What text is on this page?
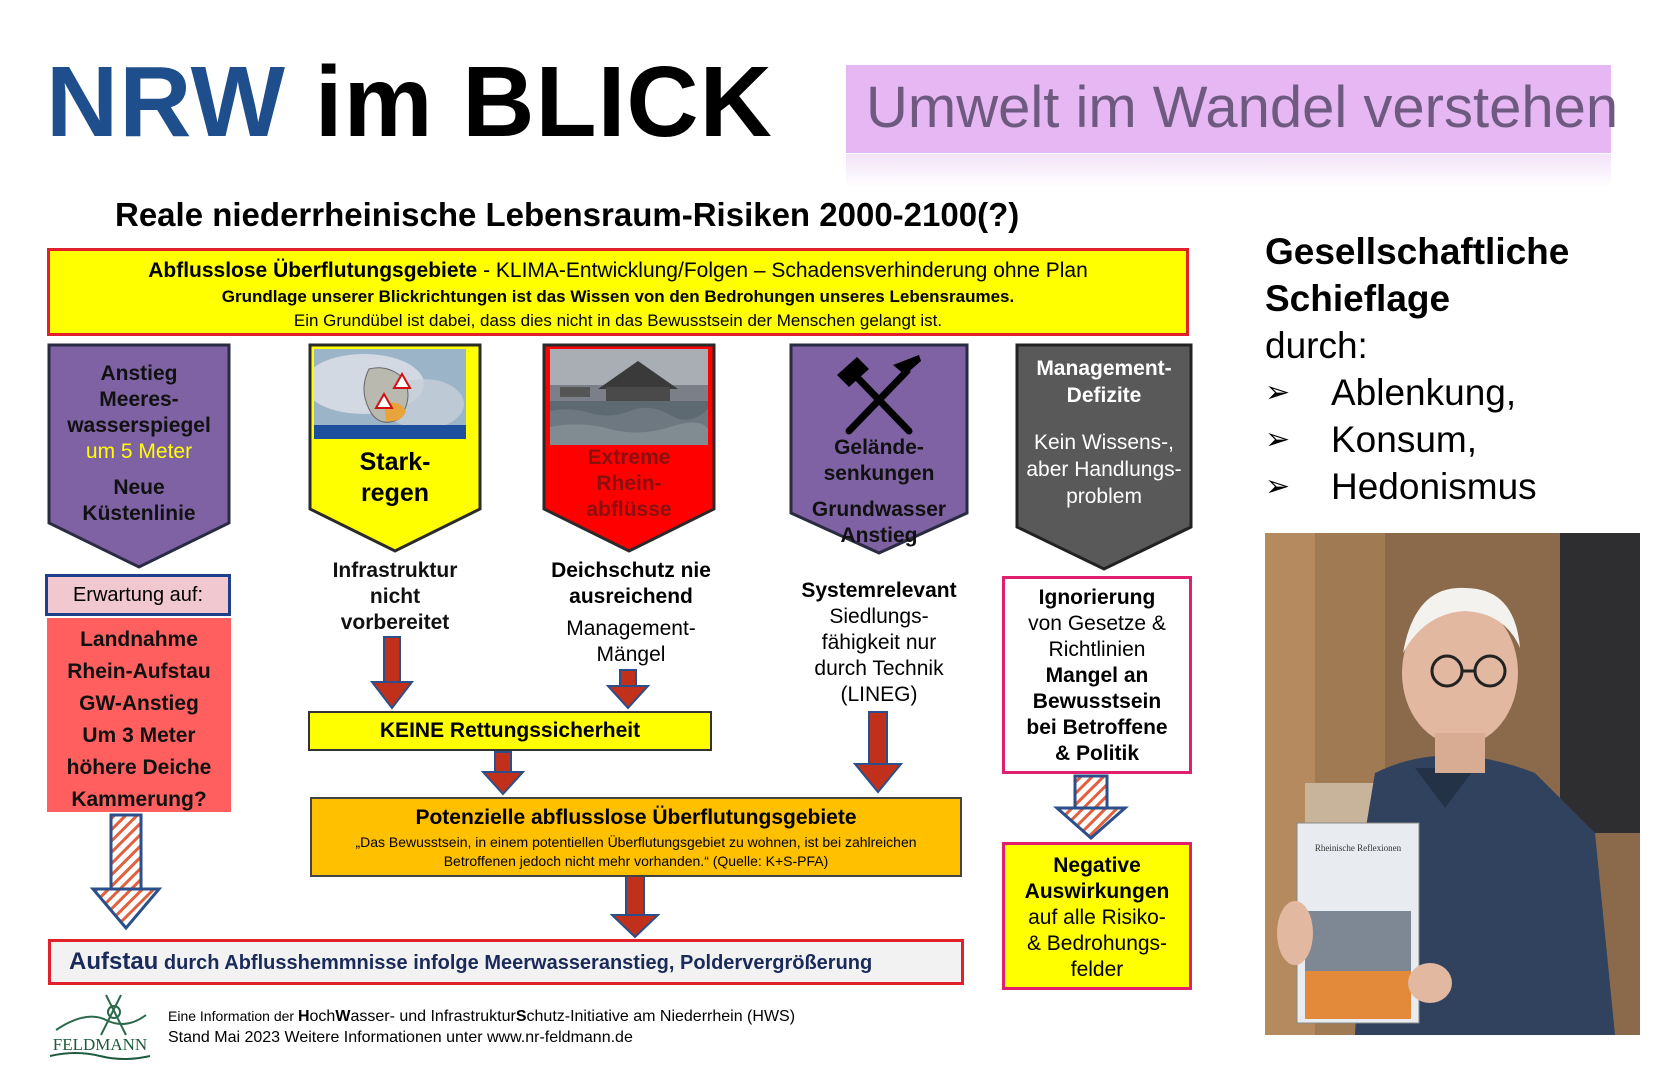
NRW im BLICK Umwelt im Wandel verstehen
Reale niederrheinische Lebensraum-Risiken 2000-2100(?)
Abflusslose Überflutungsgebiete - KLIMA-Entwicklung/Folgen – Schadensverhinderung ohne Plan
Grundlage unserer Blickrichtungen ist das Wissen von den Bedrohungen unseres Lebensraumes.
Ein Grundübel ist dabei, dass dies nicht in das Bewusstsein der Menschen gelangt ist.
Anstieg
Meeres-
wasserspiegel
um 5 Meter
Neue
Küstenlinie
Erwartung auf:
Landnahme
Rhein-Aufstau
GW-Anstieg
Um 3 Meter
höhere Deiche
Kammerung?
Stark-
regen
Infrastruktur
nicht
vorbereitet
Extreme
Rhein-
abflüsse
Deichschutz nie
ausreichend
Management-
Mängel
Gelände-
senkungen
Grundwasser
Anstieg
Systemrelevant
Siedlungs-
fähigkeit nur
durch Technik
(LINEG)
Management-
Defizite
Kein Wissens-,
aber Handlungs-
problem
Ignorierung
von Gesetze &
Richtlinien
Mangel an
Bewusstsein
bei Betroffene
& Politik
Negative
Auswirkungen
auf alle Risiko-
& Bedrohungs-
felder
KEINE Rettungssicherheit
Potenzielle abflusslose Überflutungsgebiete
„Das Bewusstsein, in einem potentiellen Überflutungsgebiet zu wohnen, ist bei zahlreichen
Betroffenen jedoch nicht mehr vorhanden.“ (Quelle: K+S-PFA)
Aufstau durch Abflusshemmnisse infolge Meerwasseranstieg, Poldervergrößerung
Gesellschaftliche
Schieflage
durch:
➢	Ablenkung,
➢	Konsum,
➢	Hedonismus
Rheinische Reflexionen
FELDMANN
Eine Information der HochWasser- und InfrastrukturSchutz-Initiative am Niederrhein (HWS)
Stand Mai 2023 Weitere Informationen unter www.nr-feldmann.de
